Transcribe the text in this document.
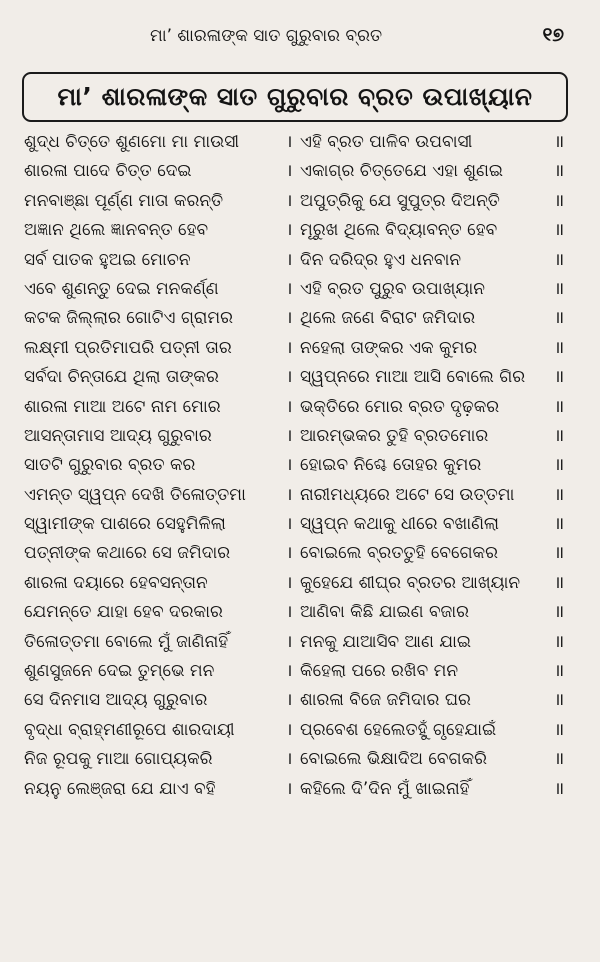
ମା’ ଶାରଳାଙ୍କ ସାତ ଗୁରୁବାର ବ୍ରତ	୧୭
ମା’ ଶାରଳାଙ୍କ ସାତ ଗୁରୁବାର ବ୍ରତ ଉପାଖ୍ୟାନ
ଶୁଦ୍ଧ ଚିତ୍ତେ ଶୁଣମୋ ମା ମାଉସୀ	। ଏହି ବ୍ରତ ପାଳିବ ଉପବାସୀ	॥
ଶାରଳା ପାଦେ ଚିତ୍ତ ଦେଇ	। ଏକାଗ୍ର ଚିତ୍ତେଯେ ଏହା ଶୁଣଇ	॥
ମନବାଞ୍ଛା ପୂର୍ଣ୍ଣ ମାତା କରନ୍ତି	। ଅପୁତ୍ରିକୁ ଯେ ସୁପୁତ୍ର ଦିଅନ୍ତି	॥
ଅଜ୍ଞାନ ଥିଲେ ଜ୍ଞାନବନ୍ତ ହେବ	। ମୂରୁଖ ଥିଲେ ବିଦ୍ୟାବନ୍ତ ହେବ	॥
ସର୍ବ ପାତକ ହୁଅଇ ମୋଚନ	। ଦିନ ଦରିଦ୍ର ହୁଏ ଧନବାନ	॥
ଏବେ ଶୁଣନ୍ତୁ ଦେଇ ମନକର୍ଣ୍ଣ	। ଏହି ବ୍ରତ ପୁରୁବ ଉପାଖ୍ୟାନ	॥
କଟକ ଜିଲ୍ଲାର ଗୋଟିଏ ଗ୍ରାମର	। ଥିଲେ ଜଣେ ବିରାଟ ଜମିଦାର	॥
ଲକ୍ଷ୍ମୀ ପ୍ରତିମାପରି ପତ୍ନୀ ତାର	। ନହେଲା ତାଙ୍କର ଏକ କୁମର	॥
ସର୍ବଦା ଚିନ୍ତାଯେ ଥିଲା ତାଙ୍କର	। ସ୍ୱପ୍ନରେ ମାଆ ଆସି ବୋଲେ ଗିର ॥
ଶାରଳା ମାଆ ଅଟେ ନାମ ମୋର	। ଭକ୍ତିରେ ମୋର ବ୍ରତ ଦୃଢ଼କର	॥
ଆସନ୍ତାମାସ ଆଦ୍ୟ ଗୁରୁବାର	। ଆରମ୍ଭକର ତୁହି ବ୍ରତମୋର	॥
ସାତଟି ଗୁରୁବାର ବ୍ରତ କର	। ହୋଇବ ନିଶ୍ଚେ ତୋହର କୁମର	॥
ଏମନ୍ତ ସ୍ୱପ୍ନ ଦେଖି ତିଳୋତ୍ତମା । ନାରୀମଧ୍ୟରେ ଅଟେ ସେ ଉତ୍ତମା ॥
ସ୍ୱାମୀଙ୍କ ପାଶରେ ସେହୁମିଳିଲା	। ସ୍ୱପ୍ନ କଥାକୁ ଧୀରେ ବଖାଣିଲା	॥
ପତ୍ନୀଙ୍କ କଥାରେ ସେ ଜମିଦାର	। ବୋଇଲେ ବ୍ରତତୁହି ବେଗେକର	॥
ଶାରଳା ଦୟାରେ ହେବସନ୍ତାନ	। କୁହେଯେ ଶୀଘ୍ର ବ୍ରତର ଆଖ୍ୟାନ ॥
ଯେମନ୍ତେ ଯାହା ହେବ ଦରକାର	। ଆଣିବା କିଛି ଯାଇଣ ବଜାର	॥
ତିଳୋତ୍ତମା ବୋଲେ ମୁଁ ଜାଣିନାହିଁ	। ମନକୁ ଯାଆସିବ ଆଣ ଯାଇ	॥
ଶୁଣସୁଜନେ ଦେଇ ତୁମ୍ଭେ ମନ	। କିହେଲା ପରେ ରଖିବ ମନ	॥
ସେ ଦିନମାସ ଆଦ୍ୟ ଗୁରୁବାର	। ଶାରଳା ବିଜେ ଜମିଦାର ଘର	॥
ବୃଦ୍ଧା ବ୍ରାହ୍ମଣୀରୂପେ ଶାରଦାୟୀ	। ପ୍ରବେଶ ହେଲେତହୁଁ ଗୃହେଯାଇଁ	॥
ନିଜ ରୂପକୁ ମାଆ ଗୋପ୍ୟକରି	। ବୋଇଲେ ଭିକ୍ଷାଦିଅ ବେଗକରି	॥
ନୟନୁ ଲେଞ୍ଜରା ଯେ ଯାଏ ବହି	। କହିଲେ ଦି’ଦିନ ମୁଁ ଖାଇନାହିଁ	॥
